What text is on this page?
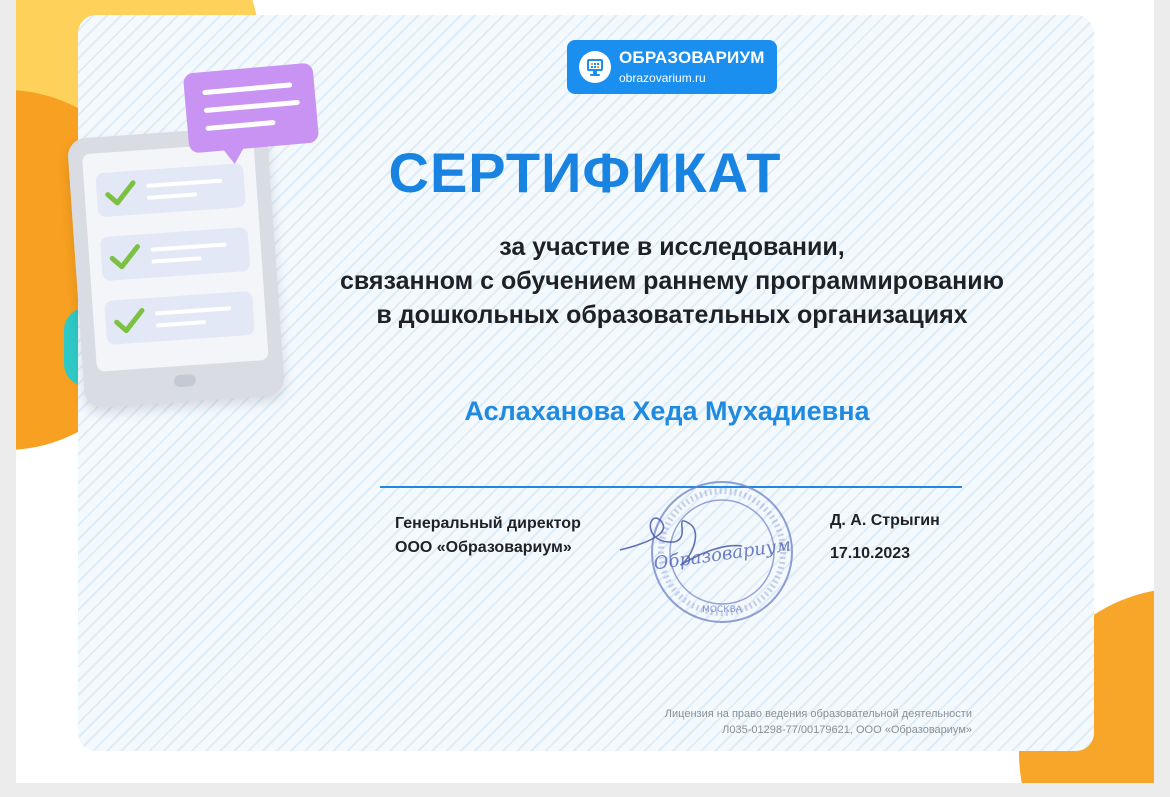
ОБРАЗОВАРИУМ
obrazovarium.ru
СЕРТИФИКАТ
за участие в исследовании,
связанном с обучением раннему программированию
в дошкольных образовательных организациях
Аслаханова Хеда Мухадиевна
Генеральный директор
ООО «Образовариум»
МОСКВА
Образовариум
Д. А. Стрыгин
17.10.2023
Лицензия на право ведения образовательной деятельности
Л035-01298-77/00179621, ООО «Образовариум»
